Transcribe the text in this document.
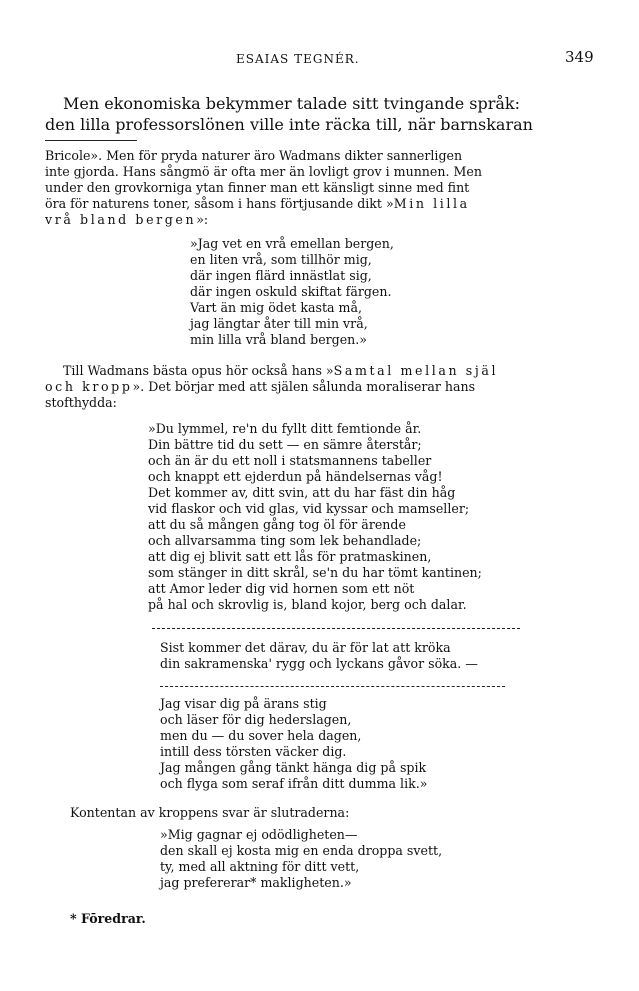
ESAIAS TEGNÉR.	349
Men ekonomiska bekymmer talade sitt tvingande språk:
den lilla professorslönen ville inte räcka till, när barnskaran
Bricole». Men för pryda naturer äro Wadmans dikter sannerligen
inte gjorda. Hans sångmö är ofta mer än lovligt grov i munnen. Men
under den grovkorniga ytan finner man ett känsligt sinne med fint
öra för naturens toner, såsom i hans förtjusande dikt »Min lilla
vrå bland bergen»:
»Jag vet en vrå emellan bergen,
en liten vrå, som tillhör mig,
där ingen flärd innästlat sig,
där ingen oskuld skiftat färgen.
Vart än mig ödet kasta må,
jag längtar åter till min vrå,
min lilla vrå bland bergen.»
Till Wadmans bästa opus hör också hans »Samtal mellan själ
och kropp». Det börjar med att själen sålunda moraliserar hans
stofthydda:
»Du lymmel, re'n du fyllt ditt femtionde år.
Din bättre tid du sett — en sämre återstår;
och än är du ett noll i statsmannens tabeller
och knappt ett ejderdun på händelsernas våg!
Det kommer av, ditt svin, att du har fäst din håg
vid flaskor och vid glas, vid kyssar och mamseller;
att du så mången gång tog öl för ärende
och allvarsamma ting som lek behandlade;
att dig ej blivit satt ett lås för pratmaskinen,
som stänger in ditt skrål, se'n du har tömt kantinen;
att Amor leder dig vid hornen som ett nöt
på hal och skrovlig is, bland kojor, berg och dalar.
Sist kommer det därav, du är för lat att kröka
din sakramenska' rygg och lyckans gåvor söka. —
Jag visar dig på ärans stig
och läser för dig hederslagen,
men du — du sover hela dagen,
intill dess törsten väcker dig.
Jag mången gång tänkt hänga dig på spik
och flyga som seraf ifrån ditt dumma lik.»
Kontentan av kroppens svar är slutraderna:
»Mig gagnar ej odödligheten—
den skall ej kosta mig en enda droppa svett,
ty, med all aktning för ditt vett,
jag prefererar* makligheten.»
* Fōredrar.
